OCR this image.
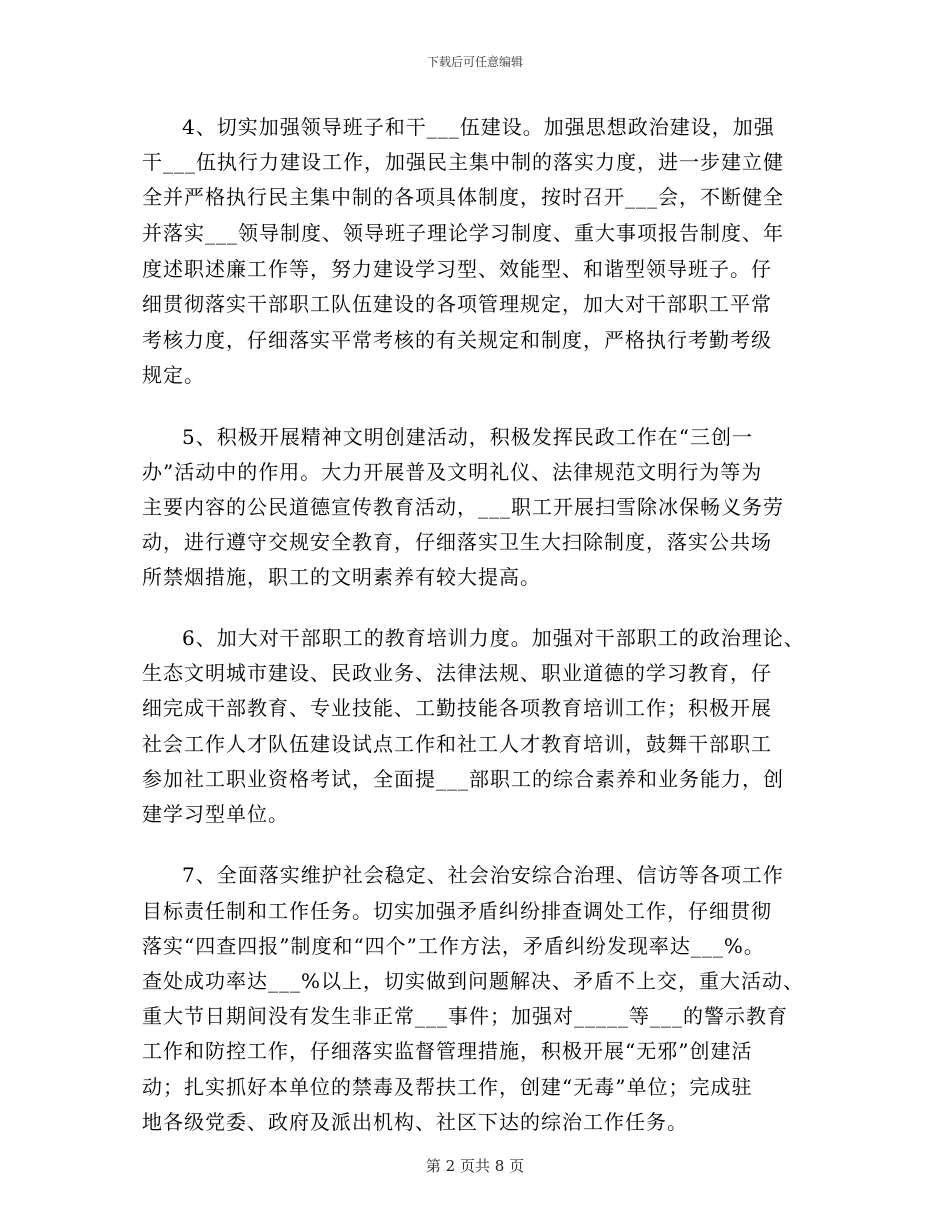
下载后可任意编辑
4、切实加强领导班子和干___伍建设。加强思想政治建设，加强
干___伍执行力建设工作，加强民主集中制的落实力度，进一步建立健
全并严格执行民主集中制的各项具体制度，按时召开___会，不断健全
并落实___领导制度、领导班子理论学习制度、重大事项报告制度、年
度述职述廉工作等，努力建设学习型、效能型、和谐型领导班子。仔
细贯彻落实干部职工队伍建设的各项管理规定，加大对干部职工平常
考核力度，仔细落实平常考核的有关规定和制度，严格执行考勤考级
规定。
5、积极开展精神文明创建活动，积极发挥民政工作在“三创一
办”活动中的作用。大力开展普及文明礼仪、法律规范文明行为等为
主要内容的公民道德宣传教育活动，___职工开展扫雪除冰保畅义务劳
动，进行遵守交规安全教育，仔细落实卫生大扫除制度，落实公共场
所禁烟措施，职工的文明素养有较大提高。
6、加大对干部职工的教育培训力度。加强对干部职工的政治理论、
生态文明城市建设、民政业务、法律法规、职业道德的学习教育，仔
细完成干部教育、专业技能、工勤技能各项教育培训工作；积极开展
社会工作人才队伍建设试点工作和社工人才教育培训，鼓舞干部职工
参加社工职业资格考试，全面提___部职工的综合素养和业务能力，创
建学习型单位。
7、全面落实维护社会稳定、社会治安综合治理、信访等各项工作
目标责任制和工作任务。切实加强矛盾纠纷排查调处工作，仔细贯彻
落实“四查四报”制度和“四个”工作方法，矛盾纠纷发现率达___%。
查处成功率达___%以上，切实做到问题解决、矛盾不上交，重大活动、
重大节日期间没有发生非正常___事件；加强对_____等___的警示教育
工作和防控工作，仔细落实监督管理措施，积极开展“无邪”创建活
动；扎实抓好本单位的禁毒及帮扶工作，创建“无毒”单位；完成驻
地各级党委、政府及派出机构、社区下达的综治工作任务。
第 2 页共 8 页
